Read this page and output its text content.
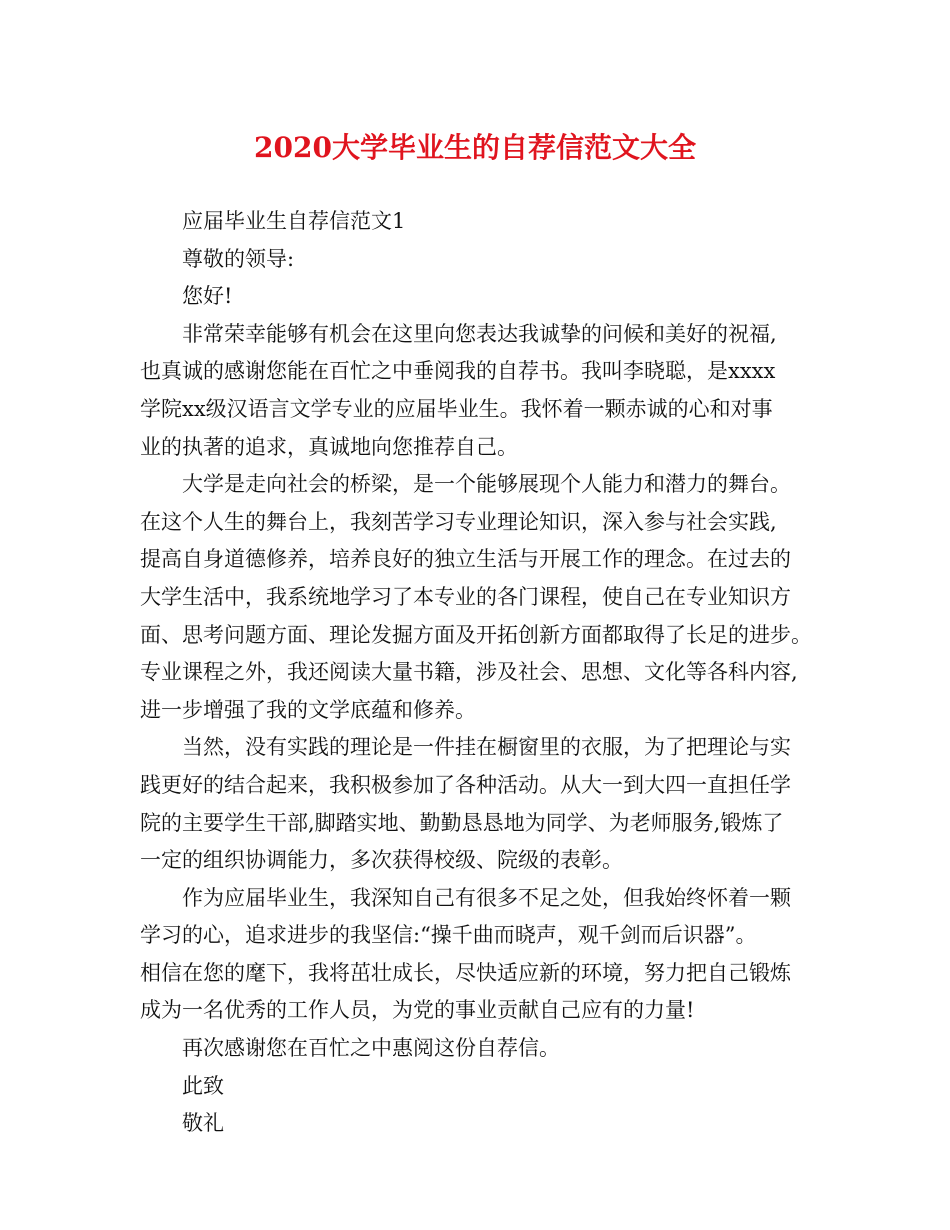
2020大学毕业生的自荐信范文大全
应届毕业生自荐信范文1
尊敬的领导:
您好!
非常荣幸能够有机会在这里向您表达我诚挚的问候和美好的祝福,
也真诚的感谢您能在百忙之中垂阅我的自荐书。我叫李晓聪，是xxxx
学院xx级汉语言文学专业的应届毕业生。我怀着一颗赤诚的心和对事
业的执著的追求，真诚地向您推荐自己。
大学是走向社会的桥梁，是一个能够展现个人能力和潜力的舞台。
在这个人生的舞台上，我刻苦学习专业理论知识，深入参与社会实践,
提高自身道德修养，培养良好的独立生活与开展工作的理念。在过去的
大学生活中，我系统地学习了本专业的各门课程，使自己在专业知识方
面、思考问题方面、理论发掘方面及开拓创新方面都取得了长足的进步。
专业课程之外，我还阅读大量书籍，涉及社会、思想、文化等各科内容,
进一步增强了我的文学底蕴和修养。
当然，没有实践的理论是一件挂在橱窗里的衣服，为了把理论与实
践更好的结合起来，我积极参加了各种活动。从大一到大四一直担任学
院的主要学生干部,脚踏实地、勤勤恳恳地为同学、为老师服务,锻炼了
一定的组织协调能力，多次获得校级、院级的表彰。
作为应届毕业生，我深知自己有很多不足之处，但我始终怀着一颗
学习的心，追求进步的我坚信:“操千曲而晓声，观千剑而后识器”。
相信在您的麾下，我将茁壮成长，尽快适应新的环境，努力把自己锻炼
成为一名优秀的工作人员，为党的事业贡献自己应有的力量!
再次感谢您在百忙之中惠阅这份自荐信。
此致
敬礼
